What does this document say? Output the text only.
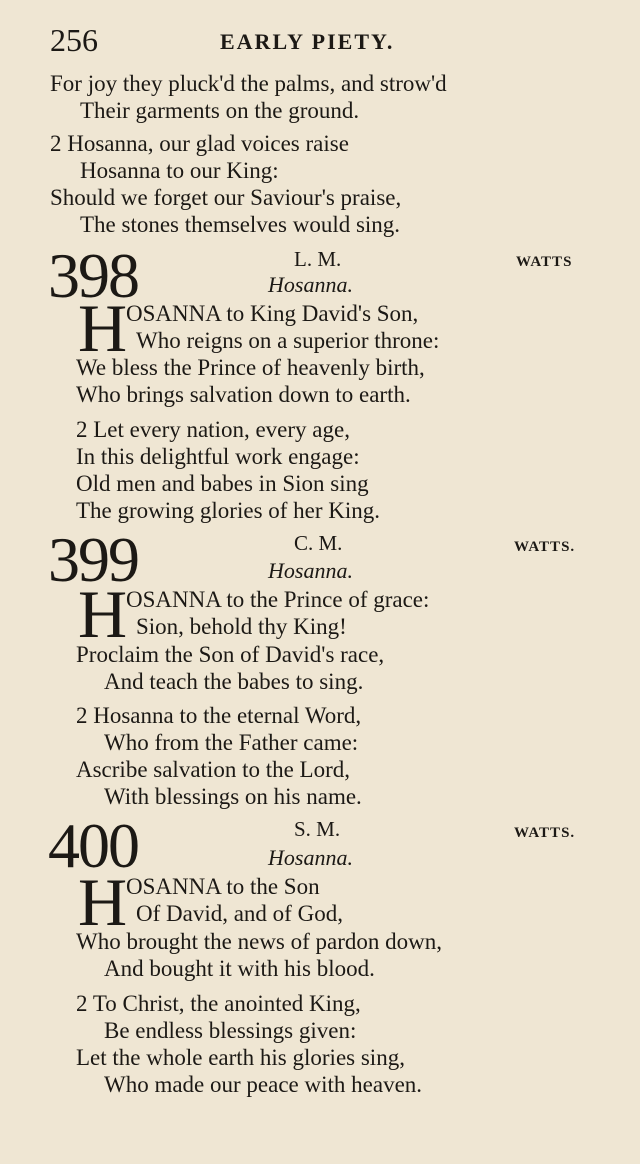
256	EARLY PIETY.
For joy they pluck'd the palms, and strow'd
Their garments on the ground.
2 Hosanna, our glad voices raise
Hosanna to our King:
Should we forget our Saviour's praise,
The stones themselves would sing.
398	L. M.	WATTS
Hosanna.
H
OSANNA to King David's Son,
Who reigns on a superior throne:
We bless the Prince of heavenly birth,
Who brings salvation down to earth.
2 Let every nation, every age,
In this delightful work engage:
Old men and babes in Sion sing
The growing glories of her King.
399	C. M.	WATTS.
Hosanna.
H
OSANNA to the Prince of grace:
Sion, behold thy King!
Proclaim the Son of David's race,
And teach the babes to sing.
2 Hosanna to the eternal Word,
Who from the Father came:
Ascribe salvation to the Lord,
With blessings on his name.
400	S. M.	WATTS.
Hosanna.
H
OSANNA to the Son
Of David, and of God,
Who brought the news of pardon down,
And bought it with his blood.
2 To Christ, the anointed King,
Be endless blessings given:
Let the whole earth his glories sing,
Who made our peace with heaven.
